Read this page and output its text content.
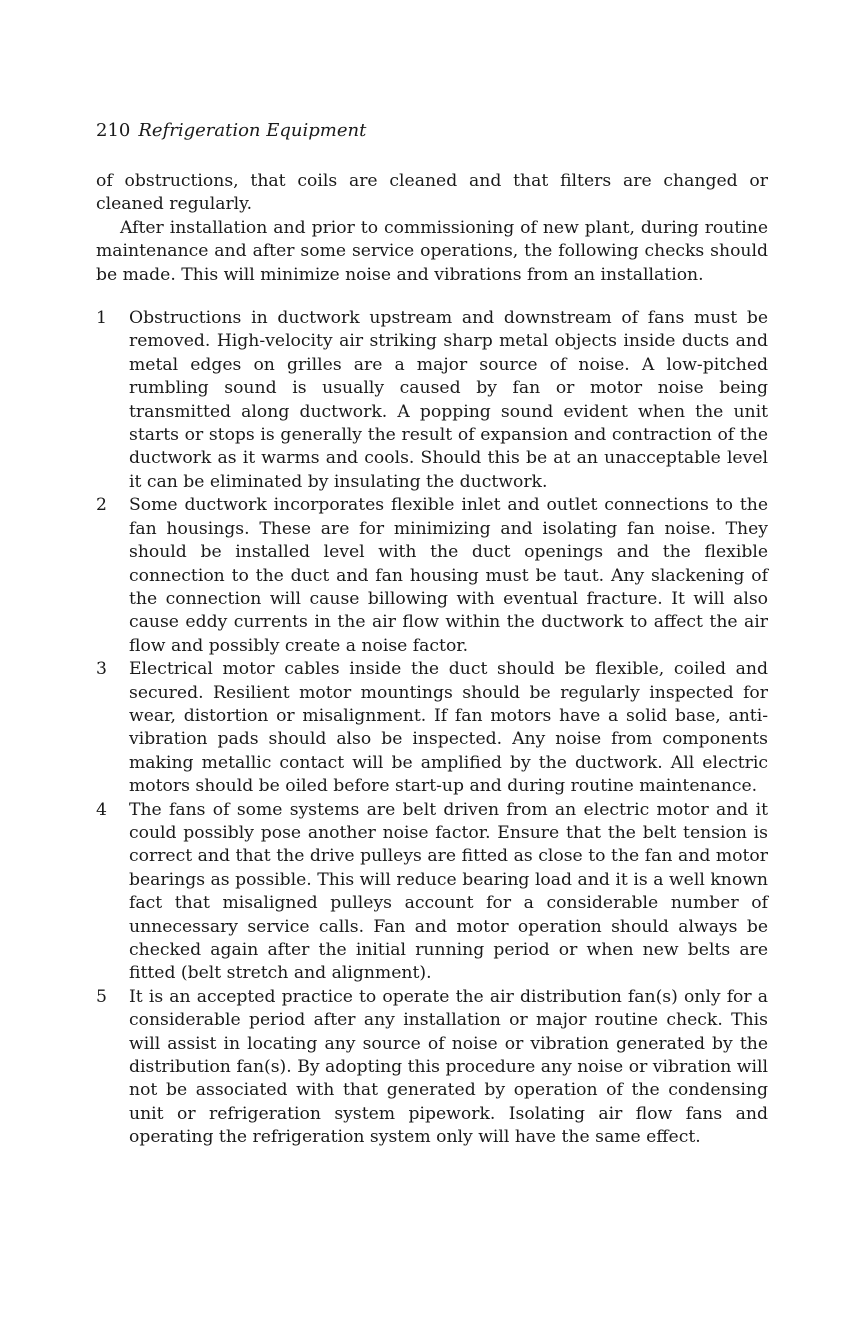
210 Refrigeration Equipment

of obstructions, that coils are cleaned and that filters are changed or cleaned regularly.

After installation and prior to commissioning of new plant, during routine maintenance and after some service operations, the following checks should be made. This will minimize noise and vibrations from an installation.

1 Obstructions in ductwork upstream and downstream of fans must be removed. High-velocity air striking sharp metal objects inside ducts and metal edges on grilles are a major source of noise. A low-pitched rumbling sound is usually caused by fan or motor noise being transmitted along ductwork. A popping sound evident when the unit starts or stops is generally the result of expansion and contraction of the ductwork as it warms and cools. Should this be at an unacceptable level it can be eliminated by insulating the ductwork.
2 Some ductwork incorporates flexible inlet and outlet connections to the fan housings. These are for minimizing and isolating fan noise. They should be installed level with the duct openings and the flexible connection to the duct and fan housing must be taut. Any slackening of the connection will cause billowing with eventual fracture. It will also cause eddy currents in the air flow within the ductwork to affect the air flow and possibly create a noise factor.
3 Electrical motor cables inside the duct should be flexible, coiled and secured. Resilient motor mountings should be regularly inspected for wear, distortion or misalignment. If fan motors have a solid base, anti-vibration pads should also be inspected. Any noise from components making metallic contact will be amplified by the ductwork. All electric motors should be oiled before start-up and during routine maintenance.
4 The fans of some systems are belt driven from an electric motor and it could possibly pose another noise factor. Ensure that the belt tension is correct and that the drive pulleys are fitted as close to the fan and motor bearings as possible. This will reduce bearing load and it is a well known fact that misaligned pulleys account for a considerable number of unnecessary service calls. Fan and motor operation should always be checked again after the initial running period or when new belts are fitted (belt stretch and alignment).
5 It is an accepted practice to operate the air distribution fan(s) only for a considerable period after any installation or major routine check. This will assist in locating any source of noise or vibration generated by the distribution fan(s). By adopting this procedure any noise or vibration will not be associated with that generated by operation of the condensing unit or refrigeration system pipework. Isolating air flow fans and operating the refrigeration system only will have the same effect.
